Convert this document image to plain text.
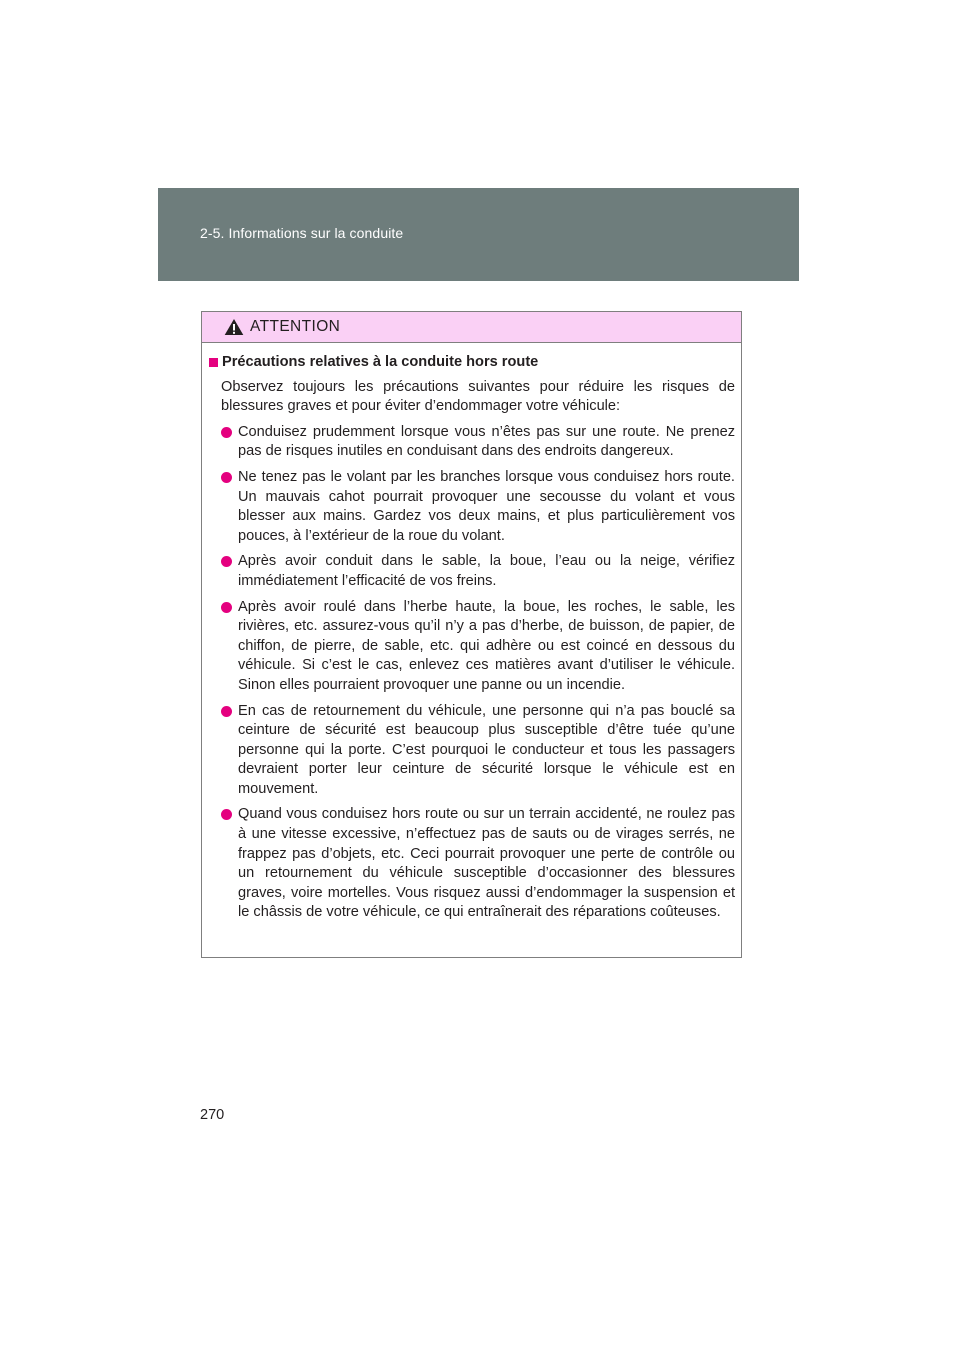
2-5. Informations sur la conduite
ATTENTION
Précautions relatives à la conduite hors route

Observez toujours les précautions suivantes pour réduire les risques de blessures graves et pour éviter d’endommager votre véhicule:

Conduisez prudemment lorsque vous n’êtes pas sur une route. Ne prenez pas de risques inutiles en conduisant dans des endroits dangereux.
Ne tenez pas le volant par les branches lorsque vous conduisez hors route. Un mauvais cahot pourrait provoquer une secousse du volant et vous blesser aux mains. Gardez vos deux mains, et plus particulièrement vos pouces, à l’extérieur de la roue du volant.
Après avoir conduit dans le sable, la boue, l’eau ou la neige, vérifiez immédiatement l’efficacité de vos freins.
Après avoir roulé dans l’herbe haute, la boue, les roches, le sable, les rivières, etc. assurez-vous qu’il n’y a pas d’herbe, de buisson, de papier, de chiffon, de pierre, de sable, etc. qui adhère ou est coincé en dessous du véhicule. Si c’est le cas, enlevez ces matières avant d’utiliser le véhicule. Sinon elles pourraient provoquer une panne ou un incendie.
En cas de retournement du véhicule, une personne qui n’a pas bouclé sa ceinture de sécurité est beaucoup plus susceptible d’être tuée qu’une personne qui la porte. C’est pourquoi le conducteur et tous les passagers devraient porter leur ceinture de sécurité lorsque le véhicule est en mouvement.
Quand vous conduisez hors route ou sur un terrain accidenté, ne roulez pas à une vitesse excessive, n’effectuez pas de sauts ou de virages serrés, ne frappez pas d’objets, etc. Ceci pourrait provoquer une perte de contrôle ou un retournement du véhicule susceptible d’occasionner des blessures graves, voire mortelles. Vous risquez aussi d’endommager la suspension et le châssis de votre véhicule, ce qui entraînerait des réparations coûteuses.
270
